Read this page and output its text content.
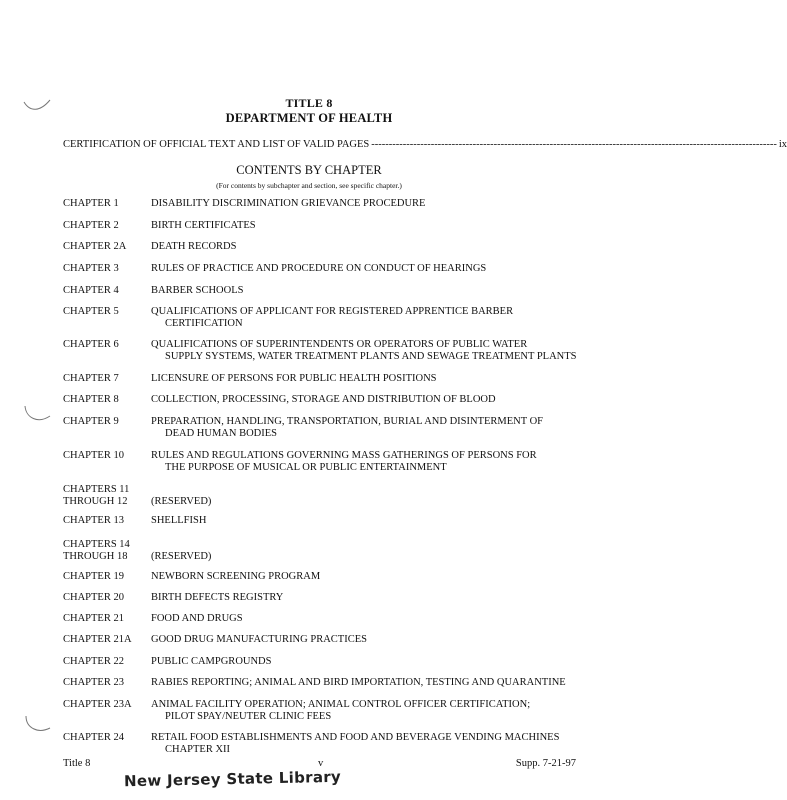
TITLE 8
DEPARTMENT OF HEALTH
CERTIFICATION OF OFFICIAL TEXT AND LIST OF VALID PAGES -------------------------------------------------------------------------------------------------------------------- ix
CONTENTS BY CHAPTER
(For contents by subchapter and section, see specific chapter.)
CHAPTER 1	DISABILITY DISCRIMINATION GRIEVANCE PROCEDURE
CHAPTER 2	BIRTH CERTIFICATES
CHAPTER 2A	DEATH RECORDS
CHAPTER 3	RULES OF PRACTICE AND PROCEDURE ON CONDUCT OF HEARINGS
CHAPTER 4	BARBER SCHOOLS
CHAPTER 5	QUALIFICATIONS OF APPLICANT FOR REGISTERED APPRENTICE BARBER
CERTIFICATION
CHAPTER 6	QUALIFICATIONS OF SUPERINTENDENTS OR OPERATORS OF PUBLIC WATER
SUPPLY SYSTEMS, WATER TREATMENT PLANTS AND SEWAGE TREATMENT PLANTS
CHAPTER 7	LICENSURE OF PERSONS FOR PUBLIC HEALTH POSITIONS
CHAPTER 8	COLLECTION, PROCESSING, STORAGE AND DISTRIBUTION OF BLOOD
CHAPTER 9	PREPARATION, HANDLING, TRANSPORTATION, BURIAL AND DISINTERMENT OF
DEAD HUMAN BODIES
CHAPTER 10	RULES AND REGULATIONS GOVERNING MASS GATHERINGS OF PERSONS FOR
THE PURPOSE OF MUSICAL OR PUBLIC ENTERTAINMENT
CHAPTERS 11
THROUGH 12	(RESERVED)
CHAPTER 13	SHELLFISH
CHAPTERS 14
THROUGH 18	(RESERVED)
CHAPTER 19	NEWBORN SCREENING PROGRAM
CHAPTER 20	BIRTH DEFECTS REGISTRY
CHAPTER 21	FOOD AND DRUGS
CHAPTER 21A	GOOD DRUG MANUFACTURING PRACTICES
CHAPTER 22	PUBLIC CAMPGROUNDS
CHAPTER 23	RABIES REPORTING; ANIMAL AND BIRD IMPORTATION, TESTING AND QUARANTINE
CHAPTER 23A	ANIMAL FACILITY OPERATION; ANIMAL CONTROL OFFICER CERTIFICATION;
PILOT SPAY/NEUTER CLINIC FEES
CHAPTER 24	RETAIL FOOD ESTABLISHMENTS AND FOOD AND BEVERAGE VENDING MACHINES
CHAPTER XII
Title 8	v	Supp. 7-21-97
New Jersey State Library
